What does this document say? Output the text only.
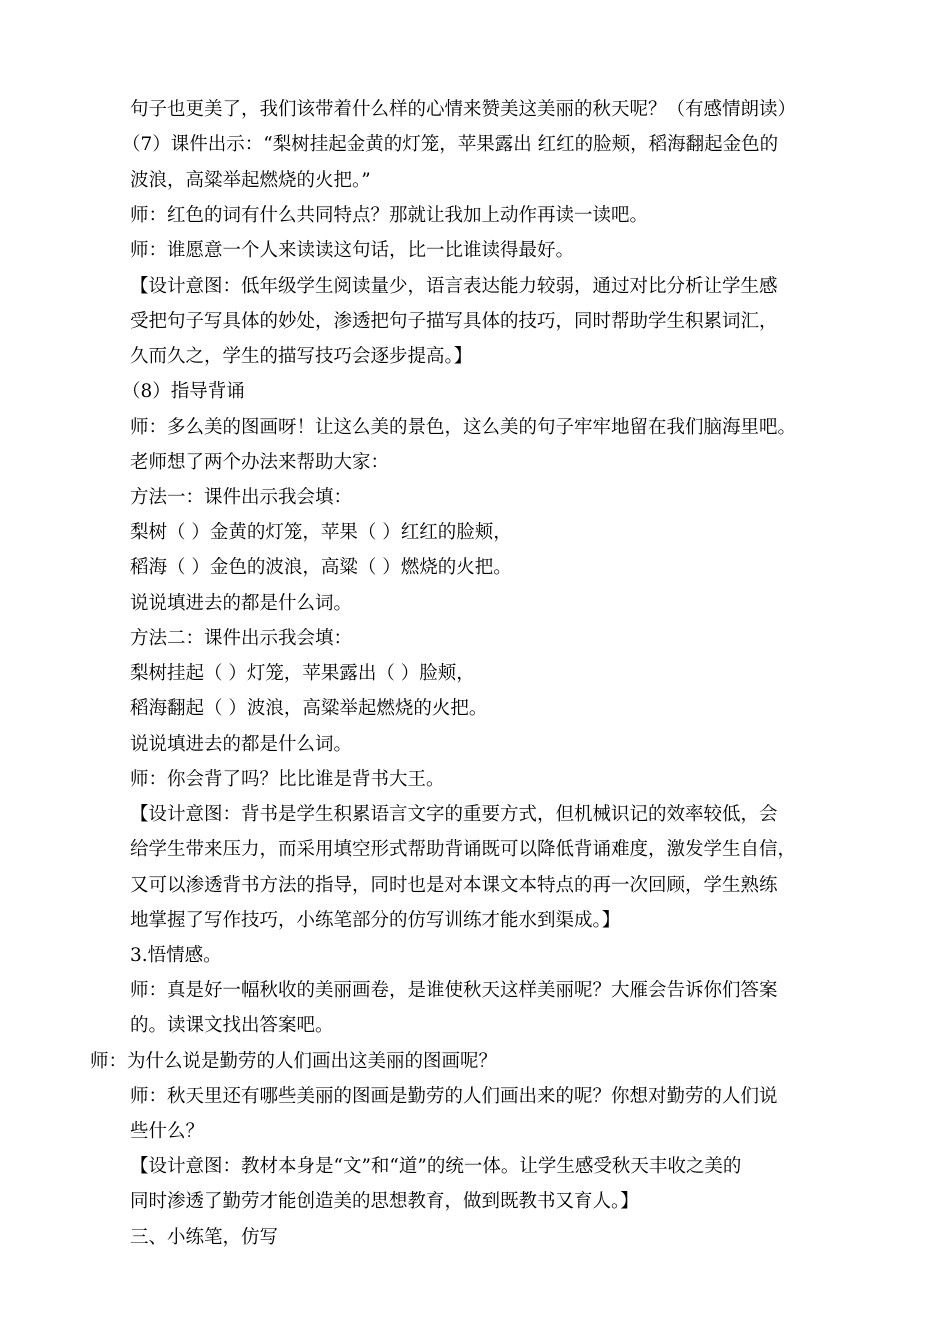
句子也更美了，我们该带着什么样的心情来赞美这美丽的秋天呢？（有感情朗读）
（7）课件出示：“梨树挂起金黄的灯笼，苹果露出 红红的脸颊，稻海翻起金色的
波浪，高粱举起燃烧的火把。”
师：红色的词有什么共同特点？那就让我加上动作再读一读吧。
师：谁愿意一个人来读读这句话，比一比谁读得最好。
【设计意图：低年级学生阅读量少，语言表达能力较弱，通过对比分析让学生感
受把句子写具体的妙处，渗透把句子描写具体的技巧，同时帮助学生积累词汇，
久而久之，学生的描写技巧会逐步提高。】
（8）指导背诵
师：多么美的图画呀！让这么美的景色，这么美的句子牢牢地留在我们脑海里吧。
老师想了两个办法来帮助大家：
方法一：课件出示我会填：
梨树（ ）金黄的灯笼，苹果（ ）红红的脸颊，
稻海（ ）金色的波浪，高粱（ ）燃烧的火把。
说说填进去的都是什么词。
方法二：课件出示我会填：
梨树挂起（ ）灯笼，苹果露出（ ）脸颊，
稻海翻起（ ）波浪，高粱举起燃烧的火把。
说说填进去的都是什么词。
师：你会背了吗？比比谁是背书大王。
【设计意图：背书是学生积累语言文字的重要方式，但机械识记的效率较低，会
给学生带来压力，而采用填空形式帮助背诵既可以降低背诵难度，激发学生自信，
又可以渗透背书方法的指导，同时也是对本课文本特点的再一次回顾，学生熟练
地掌握了写作技巧，小练笔部分的仿写训练才能水到渠成。】
3.悟情感。
师：真是好一幅秋收的美丽画卷，是谁使秋天这样美丽呢？大雁会告诉你们答案
的。读课文找出答案吧。
师：为什么说是勤劳的人们画出这美丽的图画呢？
师：秋天里还有哪些美丽的图画是勤劳的人们画出来的呢？你想对勤劳的人们说
些什么？
【设计意图：教材本身是“文”和“道”的统一体。让学生感受秋天丰收之美的
同时渗透了勤劳才能创造美的思想教育，做到既教书又育人。】
三、小练笔，仿写
